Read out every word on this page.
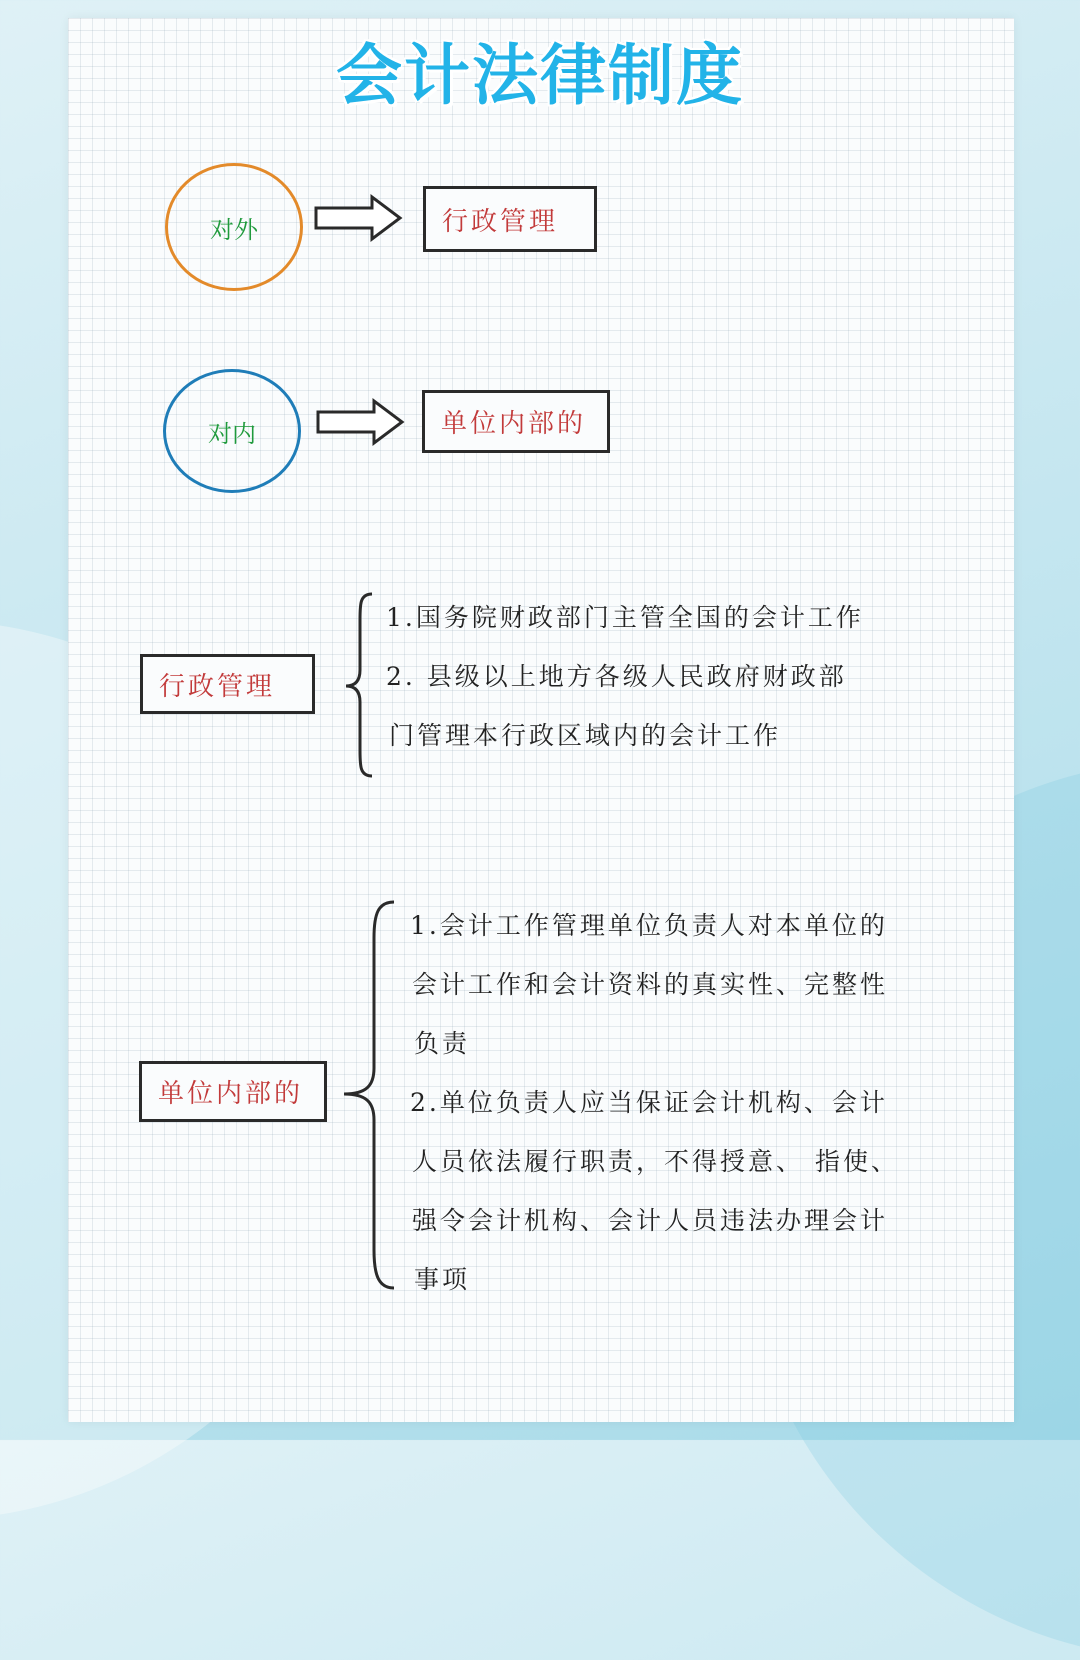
会计法律制度
对外	行政管理
对内	单位内部的
行政管理
1.国务院财政部门主管全国的会计工作
2. 县级以上地方各级人民政府财政部
门管理本行政区域内的会计工作
单位内部的
1.会计工作管理单位负责人对本单位的
会计工作和会计资料的真实性、完整性
负责
2.单位负责人应当保证会计机构、会计
人员依法履行职责，不得授意、 指使、
强令会计机构、会计人员违法办理会计
事项
